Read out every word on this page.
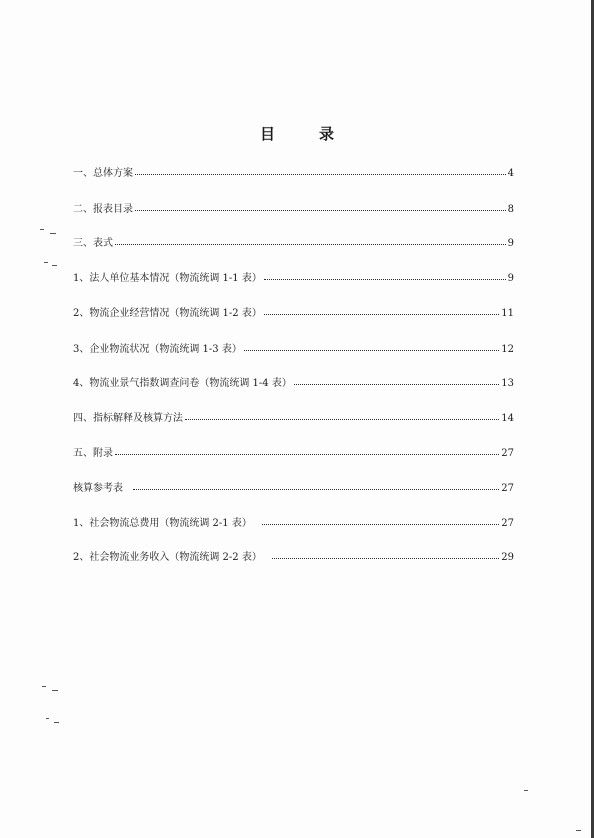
目	录
一、总体方案	4
二、报表目录	8
三、表式	9
1、法人单位基本情况（物流统调 1-1 表）	9
2、物流企业经营情况（物流统调 1-2 表）	11
3、企业物流状况（物流统调 1-3 表）	12
4、物流业景气指数调查问卷（物流统调 1-4 表）	13
四、指标解释及核算方法	14
五、附录	27
核算参考表	27
1、社会物流总费用（物流统调 2-1 表）	27
2、社会物流业务收入（物流统调 2-2 表）	29
